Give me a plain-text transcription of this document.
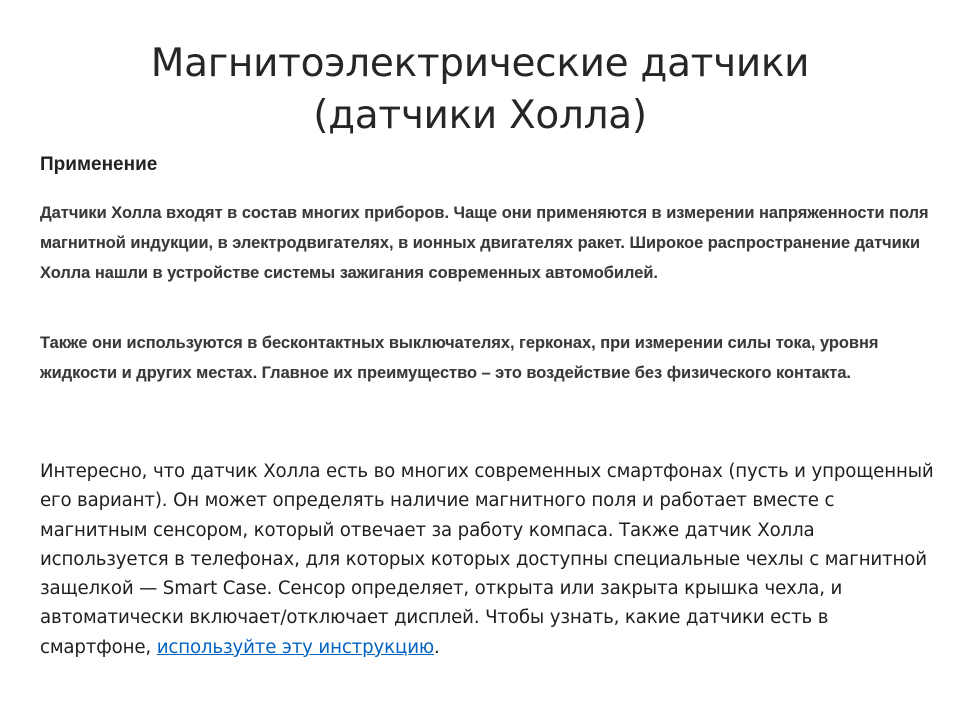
Магнитоэлектрические датчики (датчики Холла)
Применение
Датчики Холла входят в состав многих приборов. Чаще они применяются в измерении напряженности поля магнитной индукции, в электродвигателях, в ионных двигателях ракет. Широкое распространение датчики Холла нашли в устройстве системы зажигания современных автомобилей.
Также они используются в бесконтактных выключателях, герконах, при измерении силы тока, уровня жидкости и других местах. Главное их преимущество – это воздействие без физического контакта.
Интересно, что датчик Холла есть во многих современных смартфонах (пусть и упрощенный его вариант). Он может определять наличие магнитного поля и работает вместе с магнитным сенсором, который отвечает за работу компаса. Также датчик Холла используется в телефонах, для которых которых доступны специальные чехлы с магнитной защелкой — Smart Case. Сенсор определяет, открыта или закрыта крышка чехла, и автоматически включает/отключает дисплей. Чтобы узнать, какие датчики есть в смартфоне, используйте эту инструкцию.
